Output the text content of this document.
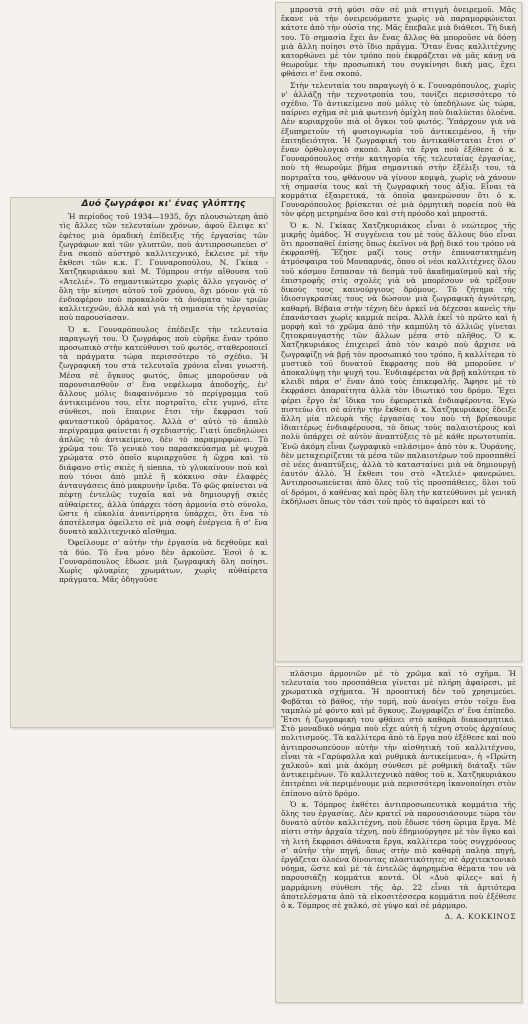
Δυό ζωγράφοι κι' ένας γλύπτης

Ἡ περίοδος τοῦ 1934—1935, ὄχι πλουσιώτερη ἀπὸ τὶς ἄλλες τῶν τελευταίων χρόνων, ἀφοῦ ἔλειψε κι' ἐφέτος μιὰ ὁμαδικὴ ἐπίδειξις τῆς ἐργασίας τῶν ζωγράφων καὶ τῶν γλυπτῶν, ποὺ ἀντιπροσωπεύει σ' ἕνα σκοπὸ αὐστηρὸ καλλιτεχνικό, ἔκλεισε μὲ τὴν ἔκθεσι τῶν κ.κ. Γ. Γουναροπούλου, Ν. Γκίκα - Χατζηκυριάκου καὶ Μ. Τόμπρου στὴν αἴθουσα τοῦ «Ἀτελιέ». Τὸ σημαντικώτερο χωρὶς ἄλλο γεγονὸς σ' ὅλη τὴν κίνησι αὐτοῦ τοῦ χρόνου, ὄχι μόνον γιὰ τὸ ἐνδιαφέρον ποὺ προκαλοῦν τὰ ὀνόματα τῶν τριῶν καλλιτεχνῶν, ἀλλὰ καὶ γιὰ τὴ σημασία τῆς ἐργασίας ποὺ παρουσίασαν.

Ὁ κ. Γουναρόπουλος ἐπέδειξε τὴν τελευταία παραγωγή του. Ὁ ζωγράφος ποὺ εὑρῆκε ἕναν τρόπο προσωπικὸ στὴν κατεύθυνσι τοῦ φωτός, σταθεροποιεῖ τὰ πράγματα τώρα περισσότερο τὸ σχέδιο. Ἡ ζωγραφική του στὰ τελευταῖα χρόνια εἶναι γνωστή. Μέσα σὲ ὄγκους φωτός, ὅπως μποροῦσαν νὰ παρουσιασθοῦν σ' ἕνα νεφέλωμα ἀποδοχῆς, ἐν' ἄλλους μόλις διαφαινόμενο τὸ περίγραμμα τοῦ ἀντικειμένου του, εἴτε πορτραῖτο, εἴτε γυμνό, εἴτε σύνθεσι, ποὺ ἔπαιρνε ἔτσι τὴν ἔκφρασι τοῦ φανταστικοῦ ὁράματος. Ἀλλὰ σ' αὐτὸ τὸ ἀπαλὸ περίγραμμα φαίνεται ἡ σχεδιαστής. Γιατὶ ὑπεδηλώνει ἁπλῶς τὸ ἀντικείμενο, δὲν τὸ παραμορφώνει. Τὸ χρῶμα του: Τὸ γενικὸ του παρασκεύασμα μὲ ψυχρὰ χρώματα στὸ ὁποῖο κυριαρχοῦσε ἡ ὤχρα καὶ τὸ διάφανο στὶς σκιὲς ἡ sienna, τὸ γλυκαίνουν ποὺ καὶ ποὺ τόνοι ἀπὸ μπλὲ ἢ κόκκινο σὰν ἐλαφρὲς ἀνταυγάσεις ἀπὸ μακρυνὴν ἴριδα. Τὸ φῶς φαίνεται νὰ πέφτῃ ἐντελῶς τυχαῖα καὶ νὰ δημιουργῇ σκιὲς αὐθαίρετες, ἀλλὰ ὑπάρχει τόση ἁρμονία στὸ σύνολο, ὥστε ἡ εὐκολία ἀναντίρρητα ὑπάρχει, ὅτι ἔνα τὸ ἀποτέλεσμα ὀφείλετο σὲ μιὰ σοφὴ ἐνέργεια ἢ σ' ἕνα δυνατὸ καλλιτεχνικὸ αἴσθημα.

Ὀφείλουμε σ' αὐτὴν τὴν ἐργασία νὰ δεχθοῦμε καὶ τὰ δύο. Τὸ ἕνα μόνο δὲν ἀρκοῦσε. Ἐσοὶ ὁ κ. Γουναρόπουλος ἔδωσε μιὰ ζωγραφικὴ ὅλη ποίησι. Χωρὶς φλυαρίες χρωμάτων, χωρὶς αὐθαίρετα πράγματα. Μᾶς ὁδηγοῦσε

μπροστὰ στὴ φύσι σὰν σὲ μιὰ στιγμὴ ὀνειρεμοῦ. Μᾶς ἔκανε νὰ τὴν ὀνειρευόμαστε χωρὶς νὰ παραμορφώνεται κάτοτε ἀπὸ τὴν οὐσία της. Μᾶς ἔπεβαλε μιὰ διάθεσι. Τὴ δική του. Τὸ σημασία ἔχει ἂν ἕνας ἄλλος θὰ μποροῦσε νὰ δόσῃ μιὰ ἄλλη ποίησι στὸ ἴδιο πρᾶγμα. Ὅταν ἕνας καλλιτέχνης κατορθώνει μὲ τὸν τρόπο ποὺ ἐκφράζεται νὰ μᾶς κάνῃ νὰ θεωροῦμε τὴν προσωπική του συγκίνησι δική μας, ἔχει φθάσει σ' ἕνα σκοπό.

Στὴν τελευταία του παραγωγὴ ὁ κ. Γουναρόπουλος, χωρὶς ν' ἀλλάζῃ τὴν τεχνοτροπία του, τονίζει περισσότερο τὸ σχέδιο. Τὸ ἀντικείμενο ποὺ μόλις τὸ ὑπεδήλωνε ὡς τώρα, παίρνει σχῆμα σὲ μιὰ φωτεινὴ ὁμίχλη ποὺ διαλύεται ὁλοένα. Δὲν κυριαρχοῦν πιὰ οἱ ὄγκοι τοῦ φωτός. Ὑπάρχουν γιὰ νὰ ἐξυπηρετοῦν τὴ φυσιογνωμία τοῦ ἀντικειμένου, ἢ τὴν ἐπιτηδειότητα. Ἡ ζωγραφική του ἀντικαθίσταται ἔτσι σ' ἕναν ὀρθολογικὸ σκοπό. Ἀπὸ τὰ ἔργα ποὺ ἐξέθεσε ὁ κ. Γουναρόπουλος στὴν κατηγορία τῆς τελευταίας ἐργασίας, ποὺ τὴ θεωροῦμε βῆμα σημαντικὸ στὴν ἐξέλιξι του, τὰ πορτραῖτα του, φθάνουν νὰ γίνουν κομψὰ, χωρὶς νὰ χάνουν τὴ σημασία τους καὶ τὴ ζωγραφική τους ἀξία. Εἶναι τὰ κομμάτια ἐξαιρετικά, τὰ ὁποῖα φανερώνουν ὅτι ὁ κ. Γουναρόπουλος βρίσκεται σὲ μιὰ ὁρμητικὴ πορεία ποὺ θὰ τὸν φέρῃ μετρημένα ὅσο καὶ στὴ πρόοδο καὶ μπροστά.

Ὁ κ. Ν. Γκίκας Χατζηκυριάκος εἶναι ὁ νεώτερος τῆς μικρῆς ὁμάδος. Ἡ συγγένεια του μὲ τοὺς ἄλλους δύο εἶναι ὅτι προσπαθεῖ ἐπίσης ὅπως ἐκεῖνοι νὰ βρῇ δικό του τρόπο νὰ ἐκφρασθῇ. Ἔζησε μαζί τους στὴν ἐπαναστατημένη ἀτμόσφαιρα τοῦ Μονπαρνάς, ὅπου οἱ νέοι καλλιτέχνες ὅλου τοῦ κόσμου ἔσπασαν τὰ δεσμὰ τοῦ ἀκαδημαϊσμοῦ καὶ τῆς ἐπιστροφῆς στὶς σχολὲς γιὰ νὰ μπορέσουν νὰ τρέξουν δικούς τους καινούργιους δρόμους. Τὸ ζήτημα τῆς ἰδιοσυγκρασίας τους νὰ δώσουν μιὰ ζωγραφικὴ ἁγνότερη, καθαρή. Βέβαια στὴν τέχνη δὲν ἀρκεῖ νὰ δέχεσαι κανεὶς τὴν ἐπανάστασι χωρὶς καμμιὰ πείρα. Ἀλλὰ ἐκεῖ τὸ πρῶτο καὶ ἡ μορφὴ καὶ τὸ χρῶμα ἀπό τὴν καμπύλη τὸ ἀλλιῶς γίνεται ζητοκραυγαστὴς τῶν ἄλλων μέσα στὸ πλῆθος. Ὁ κ. Χατζηκυριάκος ἐπιχειρεῖ ἀπὸ τὸν καιρὸ ποὺ ἄρχισε νὰ ζωγραφίζῃ νὰ βρῇ τὸν προσωπικό του τρόπο, ἢ καλλίτερα τὸ μυστικὸ τοῦ δυνατοῦ ἔκφρασης ποὺ θὰ μποροῦσε ν' ἀποκαλύψῃ τὴν ψυχή του. Ἐνδιαφέρεται νὰ βρῇ καλύτερα τὸ κλειδὶ πάρα σ' ἕναν ἀπὸ τοὺς ἐπικεφαλῆς. Ἄφησε μὲ τὸ ἐκφράσει ἀπαραίτητα ἀλλὰ τὸν ἰδιωτικό του δρόμο. Ἔχει φέρει ἔργο ἐκ' ἴδικα του ἐφευρετικὰ ἐνδιαφέροντα. Ἐγὼ πιστεύω ὅτι σὲ αὐτὴν τὴν ἔκθεσι ὁ κ. Χατζηκυριάκος ἔδειξε ἄλλη μία πλευρὰ τῆς ἐργασίας του ποὺ τὴ βρίσκουμε ἰδιαιτέρως ἐνδιαφέρουσα, τὸ ὅπως τοὺς παλαιοτέρους καὶ πολὺ ὑπάρχει σὲ αὐτὸν ἀναπτύξεις τὸ μὲ κάθε πρωτοτυπία. Ἐνῶ ἀκόμη εἶναι ζωγραφικὸ «πλάσιμο» ἀπὸ τὸν κ. Ὁυράνης, δὲν μεταχειρίζεται τὰ μέσα τῶν παλαιοτέρων τοῦ προσπαθεῖ σὲ νέες ἀναπτύξεις, ἀλλὰ τὸ κατασταίνει μιὰ νὰ δημιουργῇ ἑαυτόν ἀλλὸ. Ἡ ἔκθεσι του στὸ «Ἀτελιέ» φανερώνει. Ἀντιπροσωπεύεται ἀπὸ ὅλες τοῦ τὶς προσπάθειες, ὅλοι τοῦ οἱ δρόμοι, ὁ καθένας καὶ πρὸς ὅλη τὴν κατεύθυνσι μὲ γενικὴ ἐκδήλωσι ὅπως τὸν τάσι τοῦ πρὸς τὸ ἀφαίρεσι καὶ τὸ

πλάσιμο ἀρμονιῶν μὲ τὸ χρῶμα καὶ τὸ σχῆμα. Ἡ τελευταία του προσπάθεια γίνεται μὲ πλήρη ἀφαίρεσι, μὲ χρωματικὰ σχήματα. Ἡ προοπτική δὲν τοῦ χρησιμεύει. Φοβᾶται τὸ βάθος, τὴν τομή, ποὺ ἀνοίγει στὸν τοῖχο ἕνα ταμπλὼ μὲ φόντο καὶ μὲ ὄγκους. Ζωγραφίζει σ' ἕνα ἐπίπεδο. Ἔτσι ἡ ζωγραφική του φθάνει στὸ καθαρὰ διακοσμητικό. Στὸ μοναδικὸ νόημα ποὺ εἶχε αὐτὴ ἡ τέχνη στοὺς ἀρχαίους πολιτισμούς. Τὰ καλλίτερα ἀπὸ τὰ ἔργα ποὺ ἐξέθεσε καὶ ποὺ ἀντιπροσωπεύουν αὐτὴν τὴν αἰσθητικὴ τοῦ καλλιτέχνου, εἶναι τὰ «Γαρύφαλλα καὶ ρυθμικὰ ἀντικείμενα», ἡ «Πρώτη χαλκοῦ» καὶ μιὰ ἀκόμη σύνθεσι μὲ ρυθμικὴ διάταξι τῶν ἀντικειμένων. Τὸ καλλιτεχνικὸ πάθος τοῦ κ. Χατζηκυριάκου ἐπιτρέπει νὰ περιμένουμε μιὰ περισσότερη ἱκανοποίησι στὸν ἐπίπονο αὐτὸ δρόμο.

Ὁ κ. Τόμπρος ἐκθέτει ἀντιπροσωπευτικὰ κομμάτια τῆς ὅλης του ἐργασίας. Δὲν κρατεῖ νὰ παρουσιάσουμε τώρα τὸν δυνατὸ αὐτὸν καλλιτέχνη, ποὺ ἔδωσε τόση ὥριμα ἔργα. Μὲ πίστι στὴν ἀρχαία τέχνη, ποὺ ἐδημιούργησε μὲ τὸν ὄγκο καὶ τὴ λιτὴ ἔκφρασι ἀθάνατα ἔργα, καλλίτερα τοὺς συγχρόνους σ' αὐτὴν τὴν πηγή, ὅπως στὴν πιὸ καθαρὴ παληὰ πηγή, ἐργάζεται ὁλοένα δίνοντας πλαστικότητες σὲ ἀρχιτεκτονικὸ νόημα, ὥστε καὶ μὲ τὰ ἐντελῶς ἀφηρημένα θέματα του νὰ παρουσιάζῃ κομμάτια κοντά. Οἱ «Δυὸ φίλες» καὶ ἡ μαρμάρινη σύνθεσι τῆς ἀρ. 22 εἶναι τὰ ἀρτιότερα ἀποτελέσματα ἀπὸ τὰ εἰκοσιτέσσερα κομμάτια ποὺ ἐξέθεσε ὁ κ. Τόμπρος σὲ χαλκό, σὲ γύψο καὶ σὲ μάρμαρο.

Δ. Α. ΚΟΚΚΙΝΟΣ
